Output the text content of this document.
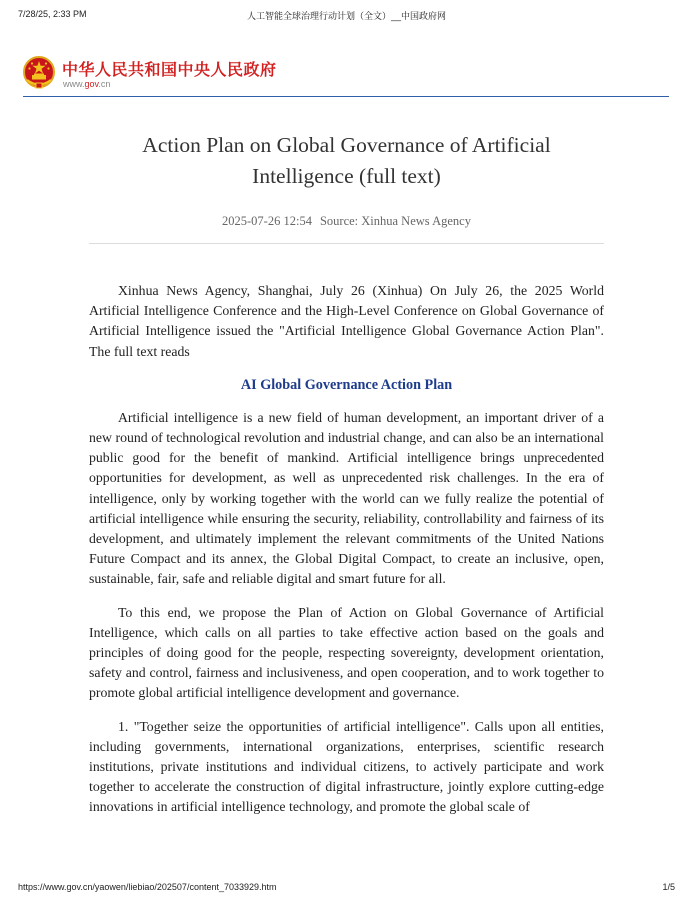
7/28/25, 2:33 PM	人工智能全球治理行动计划（全文）__中国政府网
中华人民共和国中央人民政府
www.gov.cn
Action Plan on Global Governance of Artificial Intelligence (full text)
2025-07-26 12:54 Source: Xinhua News Agency

Xinhua News Agency, Shanghai, July 26 (Xinhua) On July 26, the 2025 World Artificial Intelligence Conference and the High-Level Conference on Global Governance of Artificial Intelligence issued the "Artificial Intelligence Global Governance Action Plan". The full text reads

AI Global Governance Action Plan

Artificial intelligence is a new field of human development, an important driver of a new round of technological revolution and industrial change, and can also be an international public good for the benefit of mankind. Artificial intelligence brings unprecedented opportunities for development, as well as unprecedented risk challenges. In the era of intelligence, only by working together with the world can we fully realize the potential of artificial intelligence while ensuring the security, reliability, controllability and fairness of its development, and ultimately implement the relevant commitments of the United Nations Future Compact and its annex, the Global Digital Compact, to create an inclusive, open, sustainable, fair, safe and reliable digital and smart future for all.

To this end, we propose the Plan of Action on Global Governance of Artificial Intelligence, which calls on all parties to take effective action based on the goals and principles of doing good for the people, respecting sovereignty, development orientation, safety and control, fairness and inclusiveness, and open cooperation, and to work together to promote global artificial intelligence development and governance.

1. "Together seize the opportunities of artificial intelligence". Calls upon all entities, including governments, international organizations, enterprises, scientific research institutions, private institutions and individual citizens, to actively participate and work together to accelerate the construction of digital infrastructure, jointly explore cutting-edge innovations in artificial intelligence technology, and promote the global scale of

https://www.gov.cn/yaowen/liebiao/202507/content_7033929.htm	1/5
